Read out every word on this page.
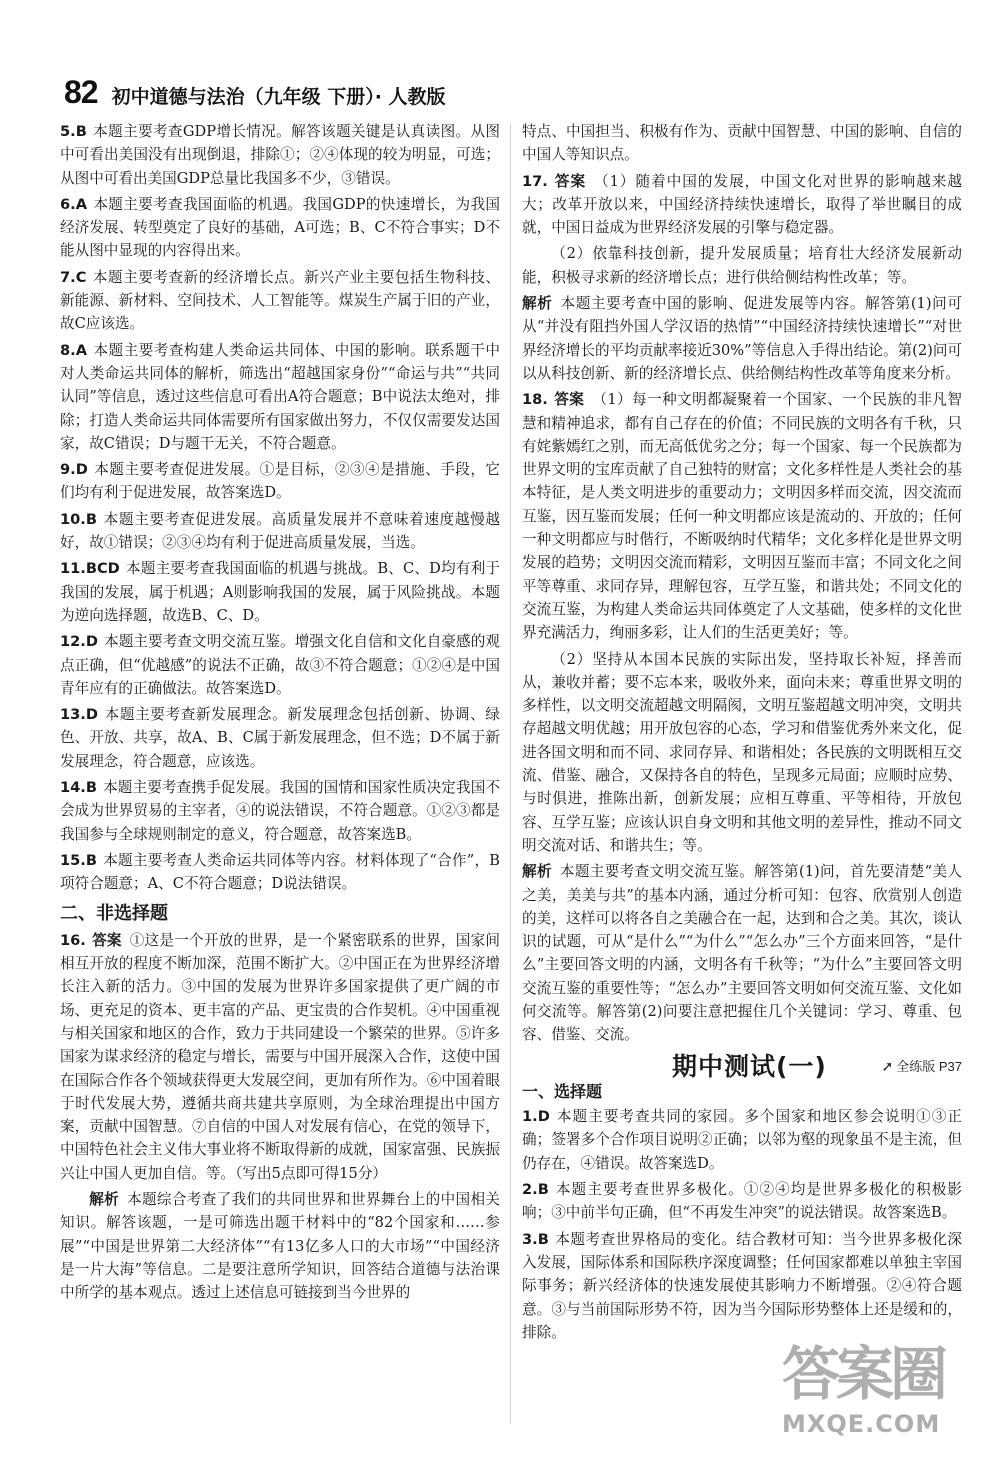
82 初中道德与法治（九年级 下册）· 人教版
5.B 本题主要考查GDP增长情况。解答该题关键是认真读图。从图中可看出美国没有出现倒退，排除①；②④体现的较为明显，可选；从图中可看出美国GDP总量比我国多不少，③错误。
6.A 本题主要考查我国面临的机遇。我国GDP的快速增长，为我国经济发展、转型奠定了良好的基础，A可选；B、C不符合事实；D不能从图中显现的内容得出来。
7.C 本题主要考查新的经济增长点。新兴产业主要包括生物科技、新能源、新材料、空间技术、人工智能等。煤炭生产属于旧的产业，故C应该选。
8.A 本题主要考查构建人类命运共同体、中国的影响。联系题干中对人类命运共同体的解析，筛选出“超越国家身份”“命运与共”“共同认同”等信息，透过这些信息可看出A符合题意；B中说法太绝对，排除；打造人类命运共同体需要所有国家做出努力，不仅仅需要发达国家，故C错误；D与题干无关，不符合题意。
9.D 本题主要考查促进发展。①是目标，②③④是措施、手段，它们均有利于促进发展，故答案选D。
10.B 本题主要考查促进发展。高质量发展并不意味着速度越慢越好，故①错误；②③④均有利于促进高质量发展，当选。
11.BCD 本题主要考查我国面临的机遇与挑战。B、C、D均有利于我国的发展，属于机遇；A则影响我国的发展，属于风险挑战。本题为逆向选择题，故选B、C、D。
12.D 本题主要考查文明交流互鉴。增强文化自信和文化自豪感的观点正确，但“优越感”的说法不正确，故③不符合题意；①②④是中国青年应有的正确做法。故答案选D。
13.D 本题主要考查新发展理念。新发展理念包括创新、协调、绿色、开放、共享，故A、B、C属于新发展理念，但不选；D不属于新发展理念，符合题意，应该选。
14.B 本题主要考查携手促发展。我国的国情和国家性质决定我国不会成为世界贸易的主宰者，④的说法错误，不符合题意。①②③都是我国参与全球规则制定的意义，符合题意，故答案选B。
15.B 本题主要考查人类命运共同体等内容。材料体现了“合作”，B项符合题意；A、C不符合题意；D说法错误。
二、非选择题
16. 答案 ①这是一个开放的世界，是一个紧密联系的世界，国家间相互开放的程度不断加深，范围不断扩大。②中国正在为世界经济增长注入新的活力。③中国的发展为世界许多国家提供了更广阔的市场、更充足的资本、更丰富的产品、更宝贵的合作契机。④中国重视与相关国家和地区的合作，致力于共同建设一个繁荣的世界。⑤许多国家为谋求经济的稳定与增长，需要与中国开展深入合作，这使中国在国际合作各个领域获得更大发展空间，更加有所作为。⑥中国着眼于时代发展大势，遵循共商共建共享原则，为全球治理提出中国方案，贡献中国智慧。⑦自信的中国人对发展有信心，在党的领导下，中国特色社会主义伟大事业将不断取得新的成就，国家富强、民族振兴让中国人更加自信。等。（写出5点即可得15分）
解析 本题综合考查了我们的共同世界和世界舞台上的中国相关知识。解答该题，一是可筛选出题干材料中的“82个国家和……参展”“中国是世界第二大经济体”“有13亿多人口的大市场”“中国经济是一片大海”等信息。二是要注意所学知识，回答结合道德与法治课中所学的基本观点。透过上述信息可链接到当今世界的
特点、中国担当、积极有作为、贡献中国智慧、中国的影响、自信的中国人等知识点。
17. 答案 （1）随着中国的发展，中国文化对世界的影响越来越大；改革开放以来，中国经济持续快速增长，取得了举世瞩目的成就，中国日益成为世界经济发展的引擎与稳定器。
（2）依靠科技创新，提升发展质量；培育壮大经济发展新动能，积极寻求新的经济增长点；进行供给侧结构性改革；等。
解析 本题主要考查中国的影响、促进发展等内容。解答第(1)问可从“并没有阻挡外国人学汉语的热情”“中国经济持续快速增长”“对世界经济增长的平均贡献率接近30%”等信息入手得出结论。第(2)问可以从科技创新、新的经济增长点、供给侧结构性改革等角度来分析。
18. 答案 （1）每一种文明都凝聚着一个国家、一个民族的非凡智慧和精神追求，都有自己存在的价值；不同民族的文明各有千秋，只有姹紫嫣红之别，而无高低优劣之分；每一个国家、每一个民族都为世界文明的宝库贡献了自己独特的财富；文化多样性是人类社会的基本特征，是人类文明进步的重要动力；文明因多样而交流，因交流而互鉴，因互鉴而发展；任何一种文明都应该是流动的、开放的；任何一种文明都应与时偕行，不断吸纳时代精华；文化多样化是世界文明发展的趋势；文明因交流而精彩，文明因互鉴而丰富；不同文化之间平等尊重、求同存异，理解包容，互学互鉴，和谐共处；不同文化的交流互鉴，为构建人类命运共同体奠定了人文基础，使多样的文化世界充满活力，绚丽多彩，让人们的生活更美好；等。
（2）坚持从本国本民族的实际出发，坚持取长补短，择善而从，兼收并蓄；要不忘本来，吸收外来，面向未来；尊重世界文明的多样性，以文明交流超越文明隔阂，文明互鉴超越文明冲突，文明共存超越文明优越；用开放包容的心态，学习和借鉴优秀外来文化，促进各国文明和而不同、求同存异、和谐相处；各民族的文明既相互交流、借鉴、融合，又保持各自的特色，呈现多元局面；应顺时应势、与时俱进，推陈出新，创新发展；应相互尊重、平等相待，开放包容、互学互鉴；应该认识自身文明和其他文明的差异性，推动不同文明交流对话、和谐共生；等。
解析 本题主要考查文明交流互鉴。解答第(1)问，首先要清楚“美人之美，美美与共”的基本内涵，通过分析可知：包容、欣赏别人创造的美，这样可以将各自之美融合在一起，达到和合之美。其次，谈认识的试题，可从“是什么”“为什么”“怎么办”三个方面来回答，“是什么”主要回答文明的内涵，文明各有千秋等；“为什么”主要回答文明交流互鉴的重要性等；“怎么办”主要回答文明如何交流互鉴、文化如何交流等。解答第(2)问要注意把握住几个关键词：学习、尊重、包容、借鉴、交流。
期中测试(一)	➚ 全练版 P37
一、选择题
1.D 本题主要考查共同的家园。多个国家和地区参会说明①③正确；签署多个合作项目说明②正确；以邻为壑的现象虽不是主流，但仍存在，④错误。故答案选D。
2.B 本题主要考查世界多极化。①②④均是世界多极化的积极影响；③中前半句正确，但“不再发生冲突”的说法错误。故答案选B。
3.B 本题考查世界格局的变化。结合教材可知：当今世界多极化深入发展，国际体系和国际秩序深度调整；任何国家都难以单独主宰国际事务；新兴经济体的快速发展使其影响力不断增强。②④符合题意。③与当前国际形势不符，因为当今国际形势整体上还是缓和的，排除。
答案圈
MXQE.COM
